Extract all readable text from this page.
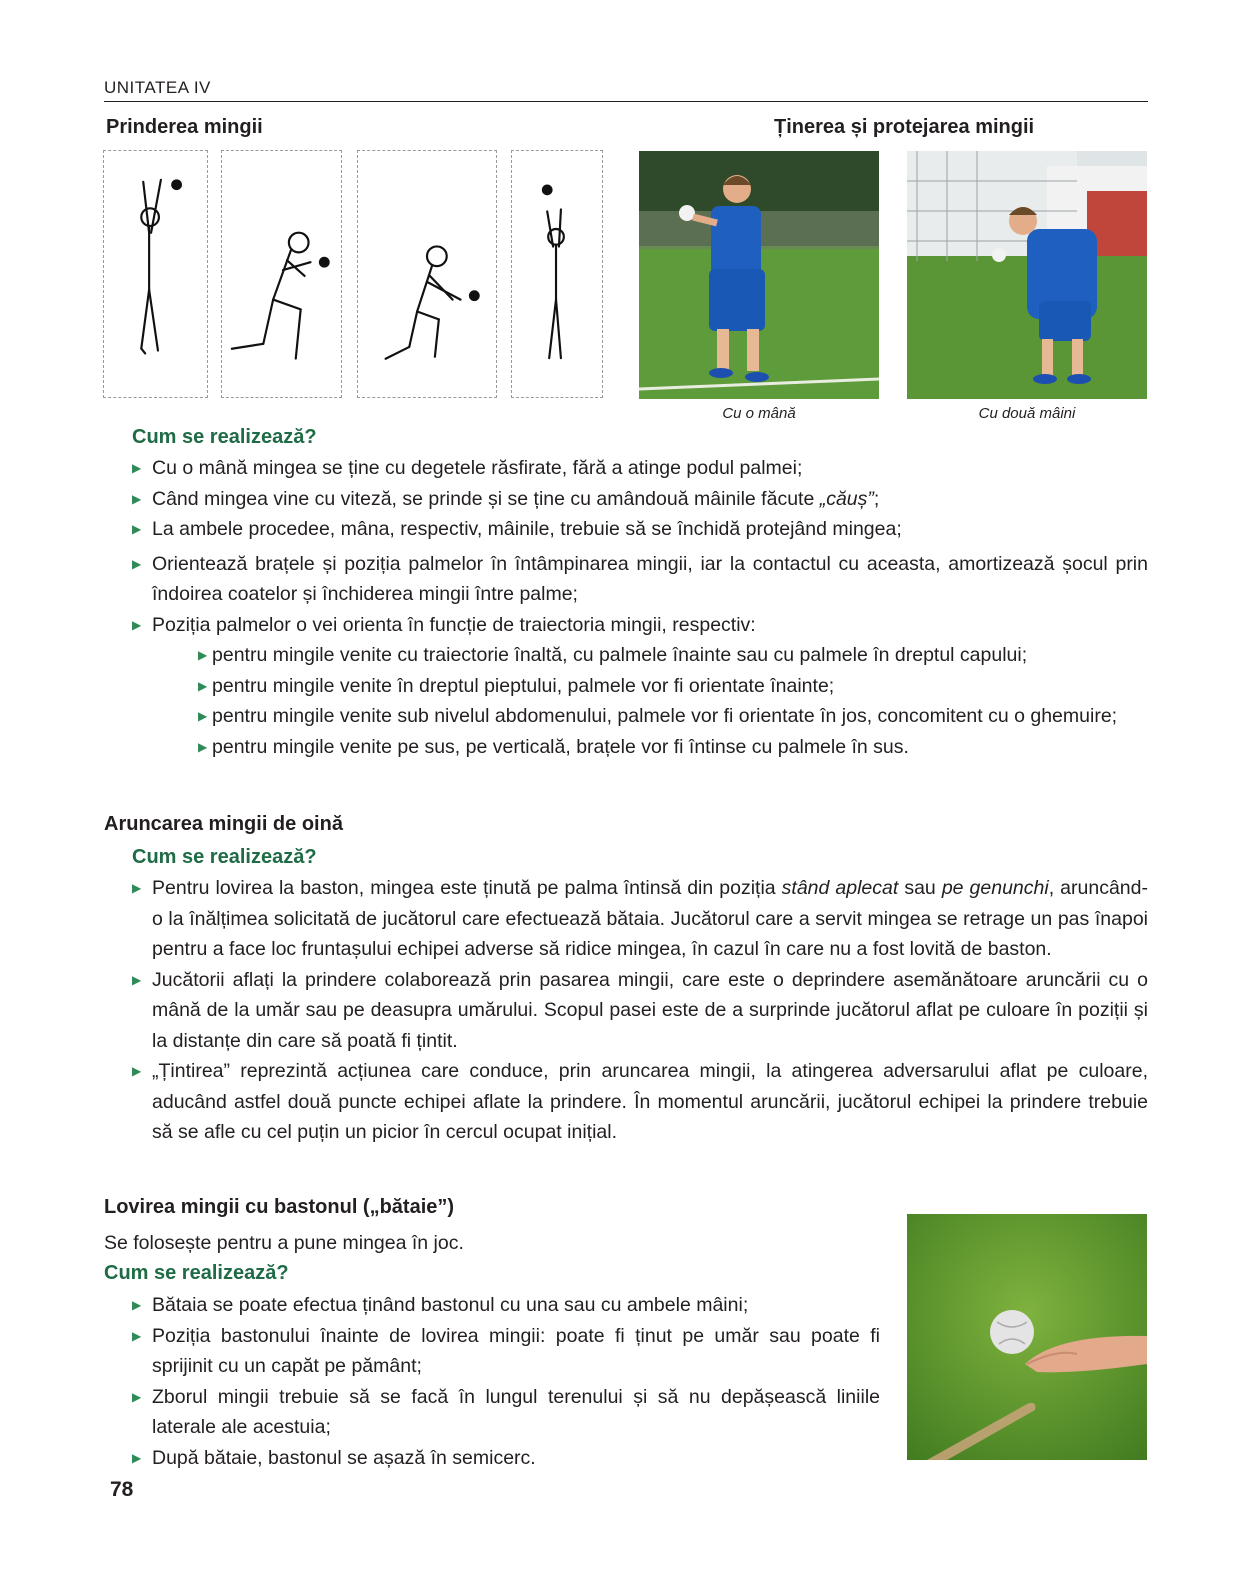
UNITATEA IV
Prinderea mingii	Ținerea și protejarea mingii
Cu o mână	Cu două mâini
Cum se realizează?
▶ Cu o mână mingea se ține cu degetele răsfirate, fără a atinge podul palmei;
▶ Când mingea vine cu viteză, se prinde și se ține cu amândouă mâinile făcute „căuș”;
▶ La ambele procedee, mâna, respectiv, mâinile, trebuie să se închidă protejând mingea;
▶ Orientează brațele și poziția palmelor în întâmpinarea mingii, iar la contactul cu aceasta, amortizează șocul prin îndoirea coatelor și închiderea mingii între palme;
▶ Poziția palmelor o vei orienta în funcție de traiectoria mingii, respectiv:
▶ pentru mingile venite cu traiectorie înaltă, cu palmele înainte sau cu palmele în dreptul capului;
▶ pentru mingile venite în dreptul pieptului, palmele vor fi orientate înainte;
▶ pentru mingile venite sub nivelul abdomenului, palmele vor fi orientate în jos, concomitent cu o ghemuire;
▶ pentru mingile venite pe sus, pe verticală, brațele vor fi întinse cu palmele în sus.
Aruncarea mingii de oină
Cum se realizează?
▶ Pentru lovirea la baston, mingea este ținută pe palma întinsă din poziția stând aplecat sau pe genunchi, aruncând-o la înălțimea solicitată de jucătorul care efectuează bătaia. Jucătorul care a servit mingea se retrage un pas înapoi pentru a face loc fruntașului echipei adverse să ridice mingea, în cazul în care nu a fost lovită de baston.
▶ Jucătorii aflați la prindere colaborează prin pasarea mingii, care este o deprindere asemănătoare aruncării cu o mână de la umăr sau pe deasupra umărului. Scopul pasei este de a surprinde jucătorul aflat pe culoare în poziții și la distanțe din care să poată fi țintit.
▶ „Țintirea” reprezintă acțiunea care conduce, prin aruncarea mingii, la atingerea adversarului aflat pe culoare, aducând astfel două puncte echipei aflate la prindere. În momentul aruncării, jucătorul echipei la prindere trebuie să se afle cu cel puțin un picior în cercul ocupat inițial.
Lovirea mingii cu bastonul („bătaie”)
Se folosește pentru a pune mingea în joc.
Cum se realizează?
▶ Bătaia se poate efectua ținând bastonul cu una sau cu ambele mâini;
▶ Poziția bastonului înainte de lovirea mingii: poate fi ținut pe umăr sau poate fi sprijinit cu un capăt pe pământ;
▶ Zborul mingii trebuie să se facă în lungul terenului și să nu depășească liniile laterale ale acestuia;
▶ După bătaie, bastonul se așază în semicerc.
78
